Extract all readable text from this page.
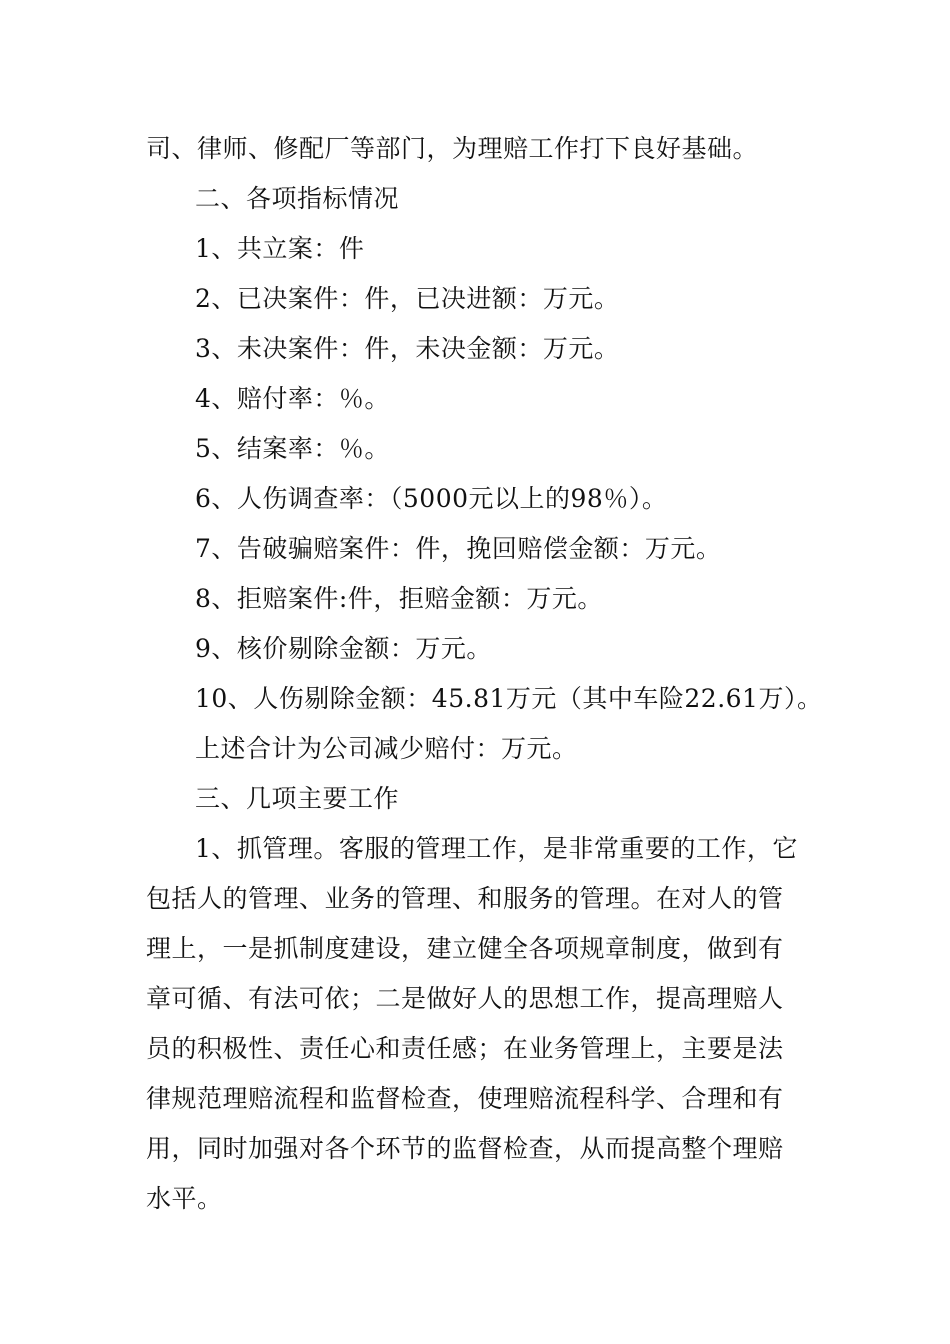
司、律师、修配厂等部门，为理赔工作打下良好基础。
二、各项指标情况
1、共立案：件
2、已决案件：件，已决进额：万元。
3、未决案件：件，未决金额：万元。
4、赔付率：％。
5、结案率：％。
6、人伤调查率：（5000元以上的98％）。
7、告破骗赔案件：件，挽回赔偿金额：万元。
8、拒赔案件:件，拒赔金额：万元。
9、核价剔除金额：万元。
10、人伤剔除金额：45.81万元（其中车险22.61万）。
上述合计为公司减少赔付：万元。
三、几项主要工作
1、抓管理。客服的管理工作，是非常重要的工作，它
包括人的管理、业务的管理、和服务的管理。在对人的管
理上，一是抓制度建设，建立健全各项规章制度，做到有
章可循、有法可依；二是做好人的思想工作，提高理赔人
员的积极性、责任心和责任感；在业务管理上，主要是法
律规范理赔流程和监督检查，使理赔流程科学、合理和有
用，同时加强对各个环节的监督检查，从而提高整个理赔
水平。
